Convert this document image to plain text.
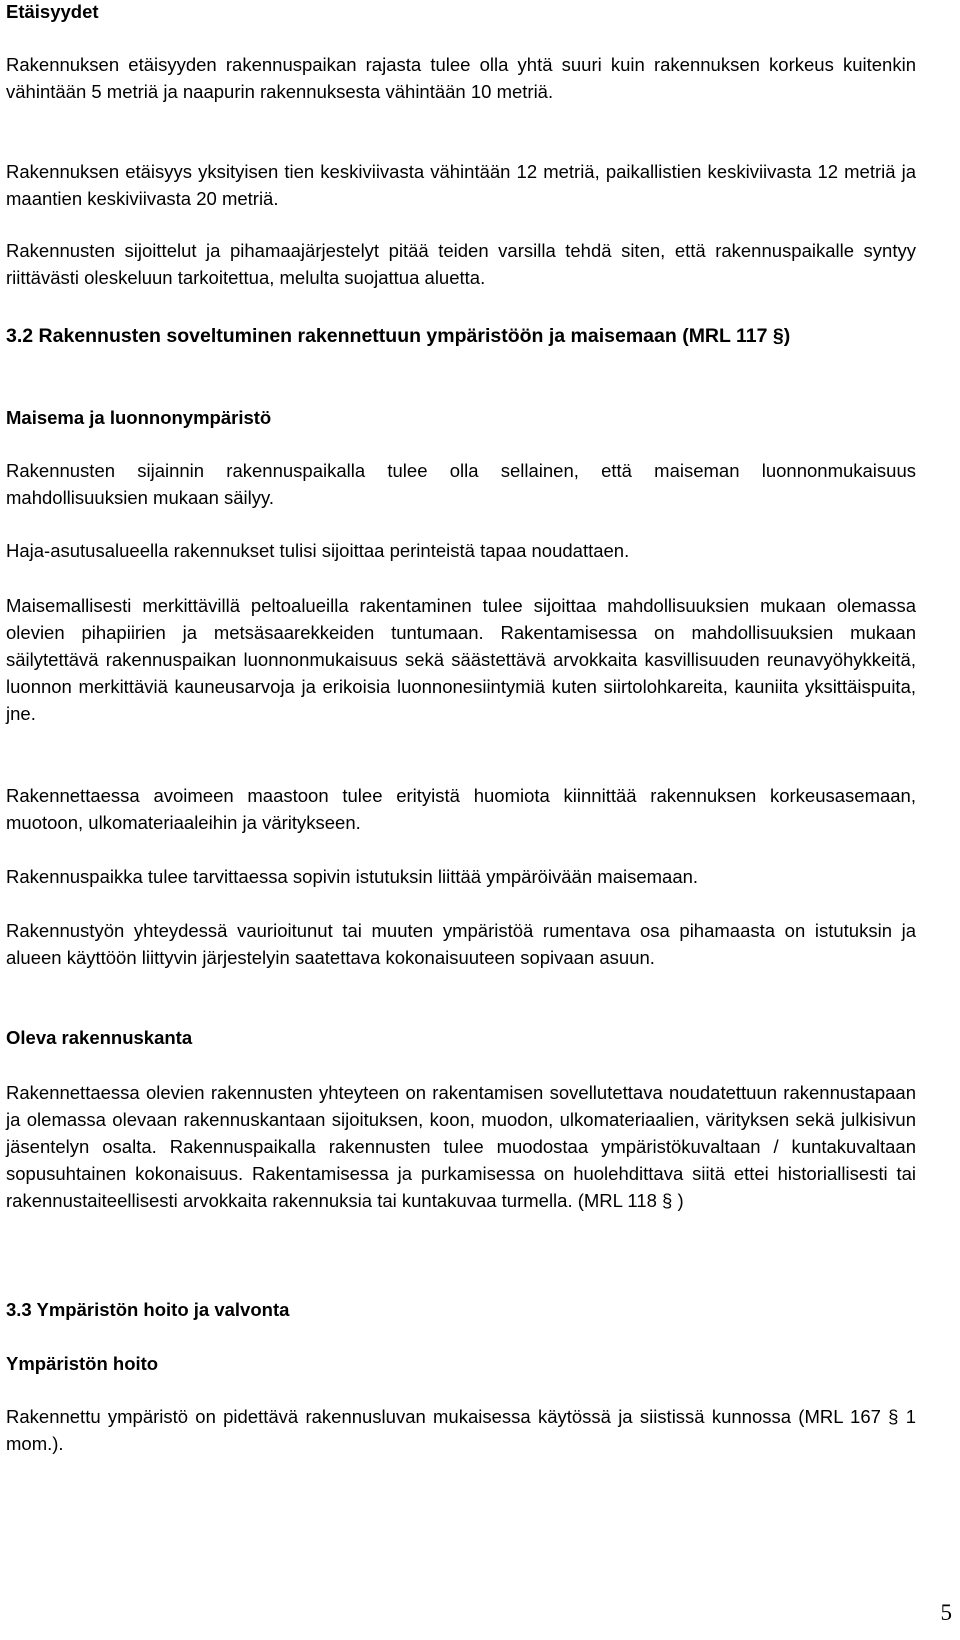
Etäisyydet

Rakennuksen etäisyyden rakennuspaikan rajasta tulee olla yhtä suuri kuin rakennuksen korkeus kuitenkin vähintään 5 metriä ja naapurin rakennuksesta vähintään 10 metriä.

Rakennuksen etäisyys yksityisen tien keskiviivasta vähintään 12 metriä, paikallistien keskiviivasta 12 metriä ja maantien keskiviivasta 20 metriä.

Rakennusten sijoittelut ja pihamaajärjestelyt pitää teiden varsilla tehdä siten, että rakennuspaikalle syntyy riittävästi oleskeluun tarkoitettua, melulta suojattua aluetta.

3.2 Rakennusten soveltuminen rakennettuun ympäristöön ja maisemaan (MRL 117 §)
Maisema ja luonnonympäristö

Rakennusten sijainnin rakennuspaikalla tulee olla sellainen, että maiseman luonnonmukaisuus mahdollisuuksien mukaan säilyy.

Haja-asutusalueella rakennukset tulisi sijoittaa perinteistä tapaa noudattaen.

Maisemallisesti merkittävillä peltoalueilla rakentaminen tulee sijoittaa mahdollisuuksien mukaan olemassa olevien pihapiirien ja metsäsaarekkeiden tuntumaan. Rakentamisessa on mahdollisuuksien mukaan säilytettävä rakennuspaikan luonnonmukaisuus sekä säästettävä arvokkaita kasvillisuuden reunavyöhykkeitä, luonnon merkittäviä kauneusarvoja ja erikoisia luonnonesiintymiä kuten siirtolohkareita, kauniita yksittäispuita, jne.

Rakennettaessa avoimeen maastoon tulee erityistä huomiota kiinnittää rakennuksen korkeusasemaan, muotoon, ulkomateriaaleihin ja väritykseen.

Rakennuspaikka tulee tarvittaessa sopivin istutuksin liittää ympäröivään maisemaan.

Rakennustyön yhteydessä vaurioitunut tai muuten ympäristöä rumentava osa pihamaasta on istutuksin ja alueen käyttöön liittyvin järjestelyin saatettava kokonaisuuteen sopivaan asuun.

Oleva rakennuskanta

Rakennettaessa olevien rakennusten yhteyteen on rakentamisen sovellutettava noudatettuun rakennustapaan ja olemassa olevaan rakennuskantaan sijoituksen, koon, muodon, ulkomateriaalien, värityksen sekä julkisivun jäsentelyn osalta. Rakennuspaikalla rakennusten tulee muodostaa ympäristökuvaltaan / kuntakuvaltaan sopusuhtainen kokonaisuus. Rakentamisessa ja purkamisessa on huolehdittava siitä ettei historiallisesti tai rakennustaiteellisesti arvokkaita rakennuksia tai kuntakuvaa turmella. (MRL 118 § )

3.3 Ympäristön hoito ja valvonta
Ympäristön hoito

Rakennettu ympäristö on pidettävä rakennusluvan mukaisessa käytössä ja siistissä kunnossa (MRL 167 § 1 mom.).

5
